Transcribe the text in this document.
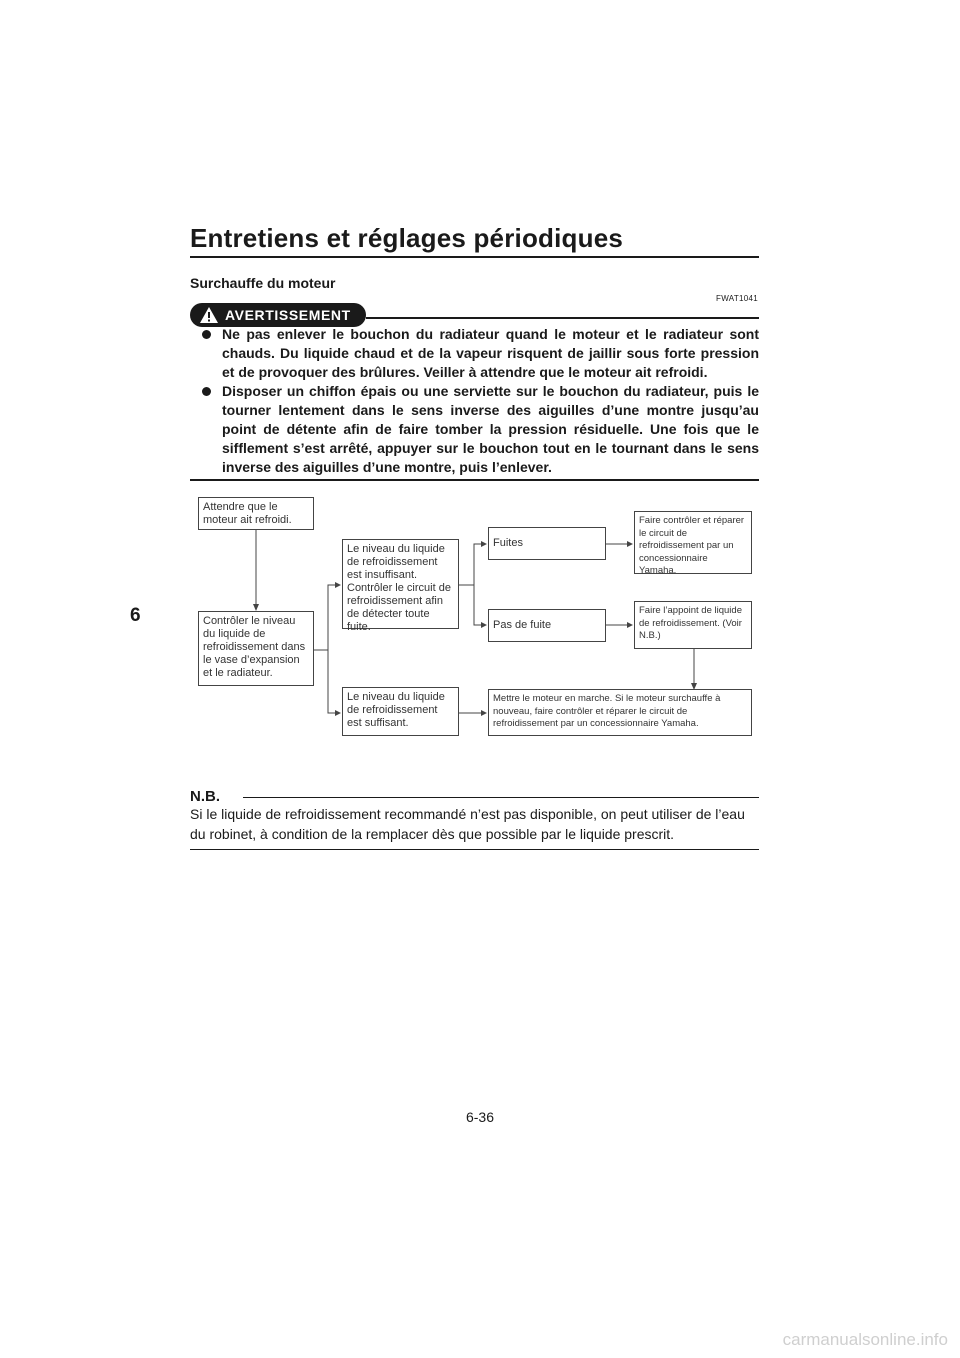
Entretiens et réglages périodiques
6
Surchauffe du moteur
FWAT1041
AVERTISSEMENT
Ne pas enlever le bouchon du radiateur quand le moteur et le radiateur sont chauds. Du liquide chaud et de la vapeur risquent de jaillir sous forte pression et de provoquer des brûlures. Veiller à attendre que le moteur ait refroidi.
Disposer un chiffon épais ou une serviette sur le bouchon du radiateur, puis le tourner lentement dans le sens inverse des aiguilles d’une montre jusqu’au point de détente afin de faire tomber la pression résiduelle. Une fois que le sifflement s’est arrêté, appuyer sur le bouchon tout en le tournant dans le sens inverse des aiguilles d’une montre, puis l’enlever.
Attendre que le moteur ait refroidi.
Contrôler le niveau du liquide de refroidissement dans le vase d’expansion et le radiateur.
Le niveau du liquide de refroidissement est insuffisant. Contrôler le circuit de refroidissement afin de détecter toute fuite.
Le niveau du liquide de refroidissement est suffisant.
Fuites
Pas de fuite
Faire contrôler et réparer le circuit de refroidissement par un concessionnaire Yamaha.
Faire l’appoint de liquide de refroidissement. (Voir N.B.)
Mettre le moteur en marche. Si le moteur surchauffe à nouveau, faire contrôler et réparer le circuit de refroidissement par un concessionnaire Yamaha.
N.B.
Si le liquide de refroidissement recommandé n’est pas disponible, on peut utiliser de l’eau du robinet, à condition de la remplacer dès que possible par le liquide prescrit.
6-36
carmanualsonline.info
